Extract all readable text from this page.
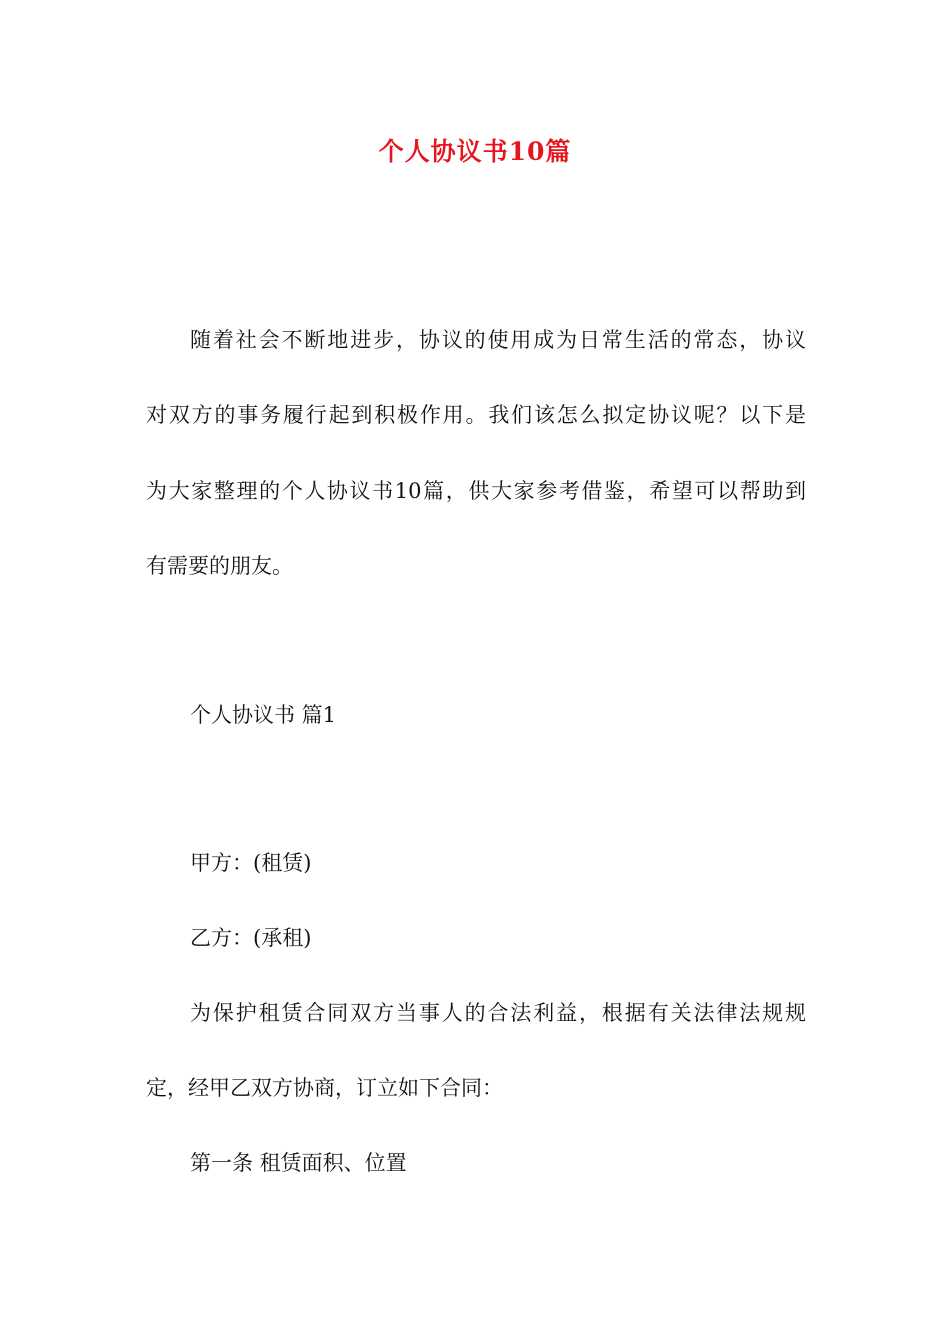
个人协议书10篇
随着社会不断地进步，协议的使用成为日常生活的常态，协议
对双方的事务履行起到积极作用。我们该怎么拟定协议呢？以下是
为大家整理的个人协议书10篇，供大家参考借鉴，希望可以帮助到
有需要的朋友。
个人协议书 篇1
甲方：(租赁)
乙方：(承租)
为保护租赁合同双方当事人的合法利益，根据有关法律法规规
定，经甲乙双方协商，订立如下合同：
第一条 租赁面积、位置
